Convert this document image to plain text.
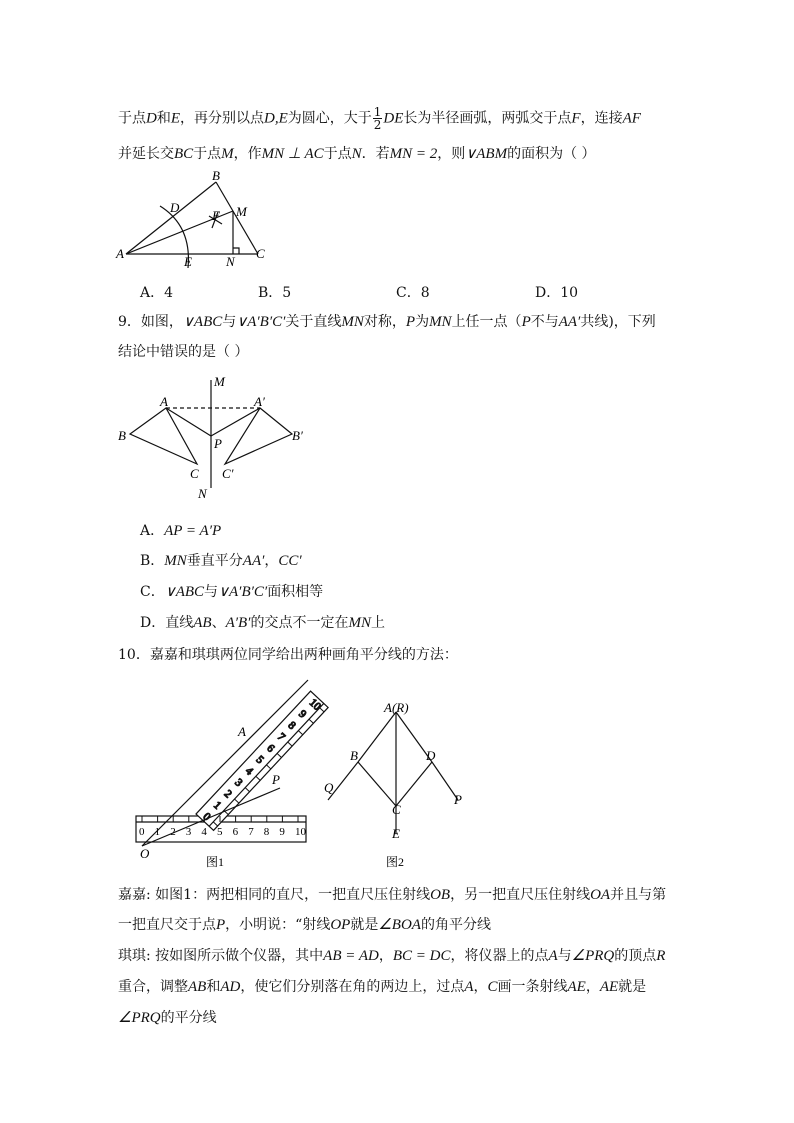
于点D和E，再分别以点D,E为圆心，大于 $\frac{1}{2}$ DE长为半径画弧，两弧交于点F，连接AF
并延长交BC于点M，作MN ⊥ AC于点N．若MN = 2，则∨ABM的面积为（ ）
B
D
F M
A
E	N
C
A．4	B．5	C．8	D．10
9．如图，∨ABC与∨A′B′C′关于直线MN对称，P为MN上任一点（P不与AA′共线)，下列
结论中错误的是（ ）
M
A	A′
B
P
B′
C C′
N
A．AP = A′P
B．MN垂直平分AA′，CC′
C．∨ABC与∨A′B′C′面积相等
D．直线AB、A′B′的交点不一定在MN上
10．嘉嘉和琪琪两位同学给出两种画角平分线的方法：
0
1
2
3
4
5
6
7
8
9
10
0 1 2 3 4 5 6 7 8 9 10
A
P
O
图1
A(R)
B	D
Q
C
P
E
图2
嘉嘉: 如图1：两把相同的直尺，一把直尺压住射线OB，另一把直尺压住射线OA并且与第
一把直尺交于点P，小明说：“射线OP就是∠BOA的角平分线
琪琪: 按如图所示做个仪器，其中AB = AD，BC = DC，将仪器上的点A与∠PRQ的顶点R
重合，调整AB和AD，使它们分别落在角的两边上，过点A，C画一条射线AE，AE就是
∠PRQ的平分线
